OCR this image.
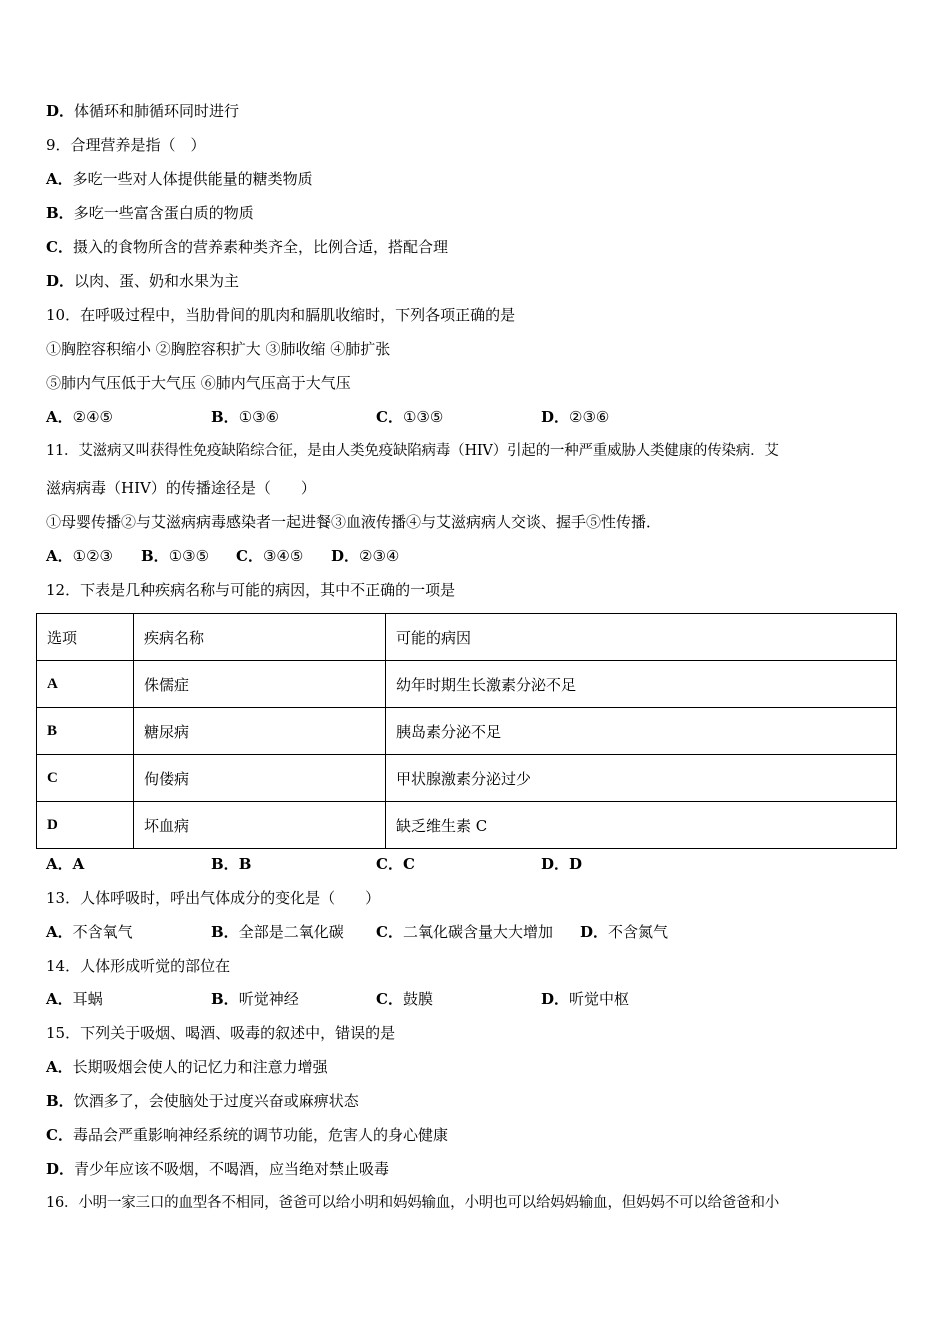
D．体循环和肺循环同时进行
9．合理营养是指（　）
A．多吃一些对人体提供能量的糖类物质
B．多吃一些富含蛋白质的物质
C．摄入的食物所含的营养素种类齐全，比例合适，搭配合理
D．以肉、蛋、奶和水果为主
10．在呼吸过程中，当肋骨间的肌肉和膈肌收缩时，下列各项正确的是
①胸腔容积缩小 ②胸腔容积扩大 ③肺收缩 ④肺扩张
⑤肺内气压低于大气压 ⑥肺内气压高于大气压
A．②④⑤	B．①③⑥	C．①③⑤	D．②③⑥
11．艾滋病又叫获得性免疫缺陷综合征，是由人类免疫缺陷病毒（HIV）引起的一种严重威胁人类健康的传染病．艾
滋病病毒（HIV）的传播途径是（　　）
①母婴传播②与艾滋病病毒感染者一起进餐③血液传播④与艾滋病病人交谈、握手⑤性传播．
A．①②③ B．①③⑤ C．③④⑤ D．②③④
12．下表是几种疾病名称与可能的病因，其中不正确的一项是
选项	疾病名称	可能的病因
A	侏儒症	幼年时期生长激素分泌不足
B	糖尿病	胰岛素分泌不足
C	佝偻病	甲状腺激素分泌过少
D	坏血病	缺乏维生素 C
A．A	B．B	C．C	D．D
13．人体呼吸时，呼出气体成分的变化是（　　）
A．不含氧气	B．全部是二氧化碳 C．二氧化碳含量大大增加 D．不含氮气
14．人体形成听觉的部位在
A．耳蜗	B．听觉神经	C．鼓膜	D．听觉中枢
15．下列关于吸烟、喝酒、吸毒的叙述中，错误的是
A．长期吸烟会使人的记忆力和注意力增强
B．饮酒多了，会使脑处于过度兴奋或麻痹状态
C．毒品会严重影响神经系统的调节功能，危害人的身心健康
D．青少年应该不吸烟，不喝酒，应当绝对禁止吸毒
16．小明一家三口的血型各不相同，爸爸可以给小明和妈妈输血，小明也可以给妈妈输血，但妈妈不可以给爸爸和小
